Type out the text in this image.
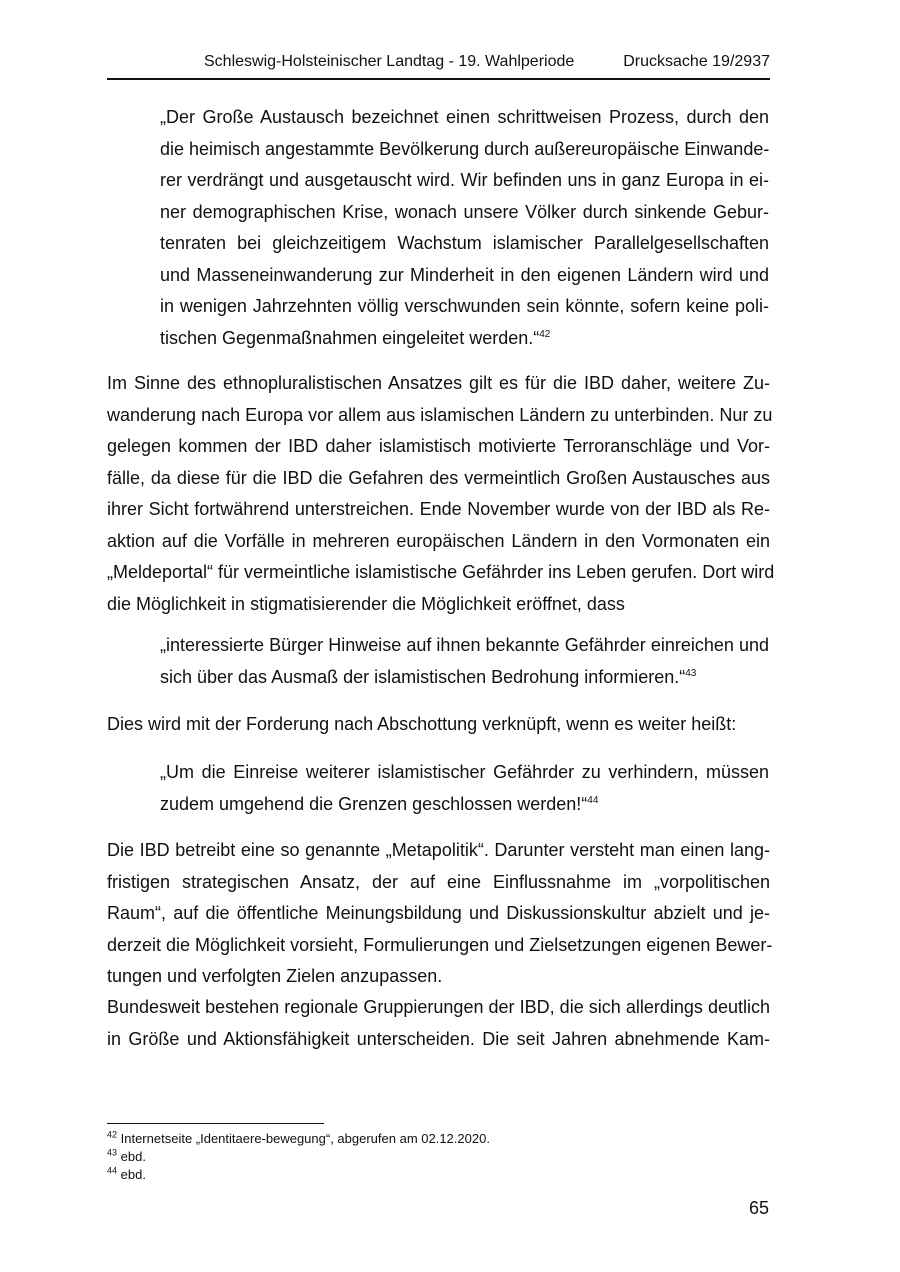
Schleswig-Holsteinischer Landtag - 19. Wahlperiode	Drucksache 19/2937
„Der Große Austausch bezeichnet einen schrittweisen Prozess, durch den
die heimisch angestammte Bevölkerung durch außereuropäische Einwande-
rer verdrängt und ausgetauscht wird. Wir befinden uns in ganz Europa in ei-
ner demographischen Krise, wonach unsere Völker durch sinkende Gebur-
tenraten bei gleichzeitigem Wachstum islamischer Parallelgesellschaften
und Masseneinwanderung zur Minderheit in den eigenen Ländern wird und
in wenigen Jahrzehnten völlig verschwunden sein könnte, sofern keine poli-
tischen Gegenmaßnahmen eingeleitet werden.“$^{42}$
Im Sinne des ethnopluralistischen Ansatzes gilt es für die IBD daher, weitere Zu-
wanderung nach Europa vor allem aus islamischen Ländern zu unterbinden. Nur zu
gelegen kommen der IBD daher islamistisch motivierte Terroranschläge und Vor-
fälle, da diese für die IBD die Gefahren des vermeintlich Großen Austausches aus
ihrer Sicht fortwährend unterstreichen. Ende November wurde von der IBD als Re-
aktion auf die Vorfälle in mehreren europäischen Ländern in den Vormonaten ein
„Meldeportal“ für vermeintliche islamistische Gefährder ins Leben gerufen. Dort wird
die Möglichkeit in stigmatisierender die Möglichkeit eröffnet, dass
„interessierte Bürger Hinweise auf ihnen bekannte Gefährder einreichen und
sich über das Ausmaß der islamistischen Bedrohung informieren.“$^{43}$
Dies wird mit der Forderung nach Abschottung verknüpft, wenn es weiter heißt:
„Um die Einreise weiterer islamistischer Gefährder zu verhindern, müssen
zudem umgehend die Grenzen geschlossen werden!“$^{44}$
Die IBD betreibt eine so genannte „Metapolitik“. Darunter versteht man einen lang-
fristigen strategischen Ansatz, der auf eine Einflussnahme im „vorpolitischen
Raum“, auf die öffentliche Meinungsbildung und Diskussionskultur abzielt und je-
derzeit die Möglichkeit vorsieht, Formulierungen und Zielsetzungen eigenen Bewer-
tungen und verfolgten Zielen anzupassen.
Bundesweit bestehen regionale Gruppierungen der IBD, die sich allerdings deutlich
in Größe und Aktionsfähigkeit unterscheiden. Die seit Jahren abnehmende Kam-
$^{42}$ Internetseite „Identitaere-bewegung“, abgerufen am 02.12.2020.
$^{43}$ ebd.
$^{44}$ ebd.
65
